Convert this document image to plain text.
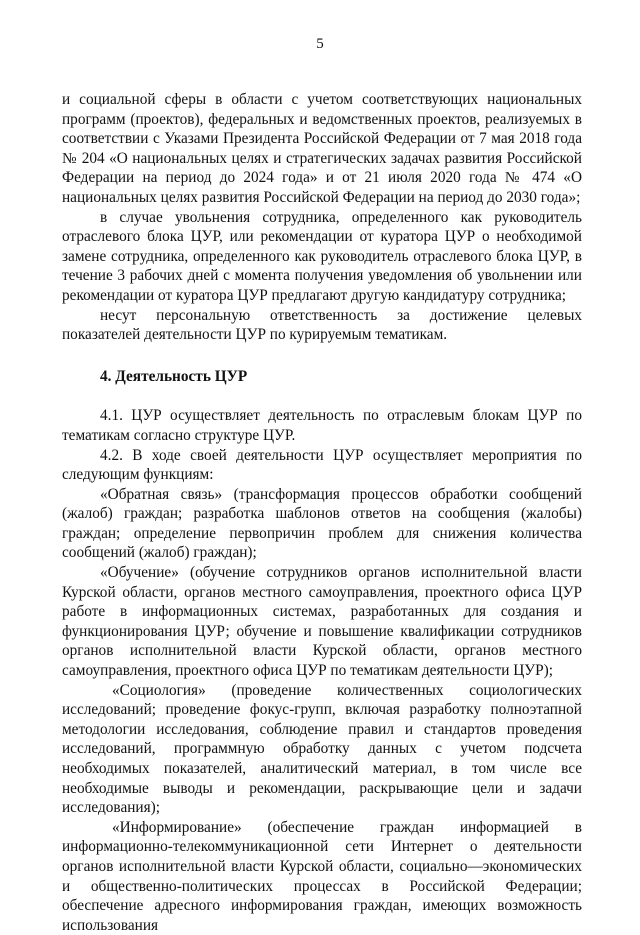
5

и социальной сферы в области с учетом соответствующих национальных программ (проектов), федеральных и ведомственных проектов, реализуемых в соответствии с Указами Президента Российской Федерации от 7 мая 2018 года № 204 «О национальных целях и стратегических задачах развития Российской Федерации на период до 2024 года» и от 21 июля 2020 года № 474 «О национальных целях развития Российской Федерации на период до 2030 года»;

в случае увольнения сотрудника, определенного как руководитель отраслевого блока ЦУР, или рекомендации от куратора ЦУР о необходимой замене сотрудника, определенного как руководитель отраслевого блока ЦУР, в течение 3 рабочих дней с момента получения уведомления об увольнении или рекомендации от куратора ЦУР предлагают другую кандидатуру сотрудника;

несут персональную ответственность за достижение целевых показателей деятельности ЦУР по курируемым тематикам.

4. Деятельность ЦУР

4.1. ЦУР осуществляет деятельность по отраслевым блокам ЦУР по тематикам согласно структуре ЦУР.

4.2. В ходе своей деятельности ЦУР осуществляет мероприятия по следующим функциям:

«Обратная связь» (трансформация процессов обработки сообщений (жалоб) граждан; разработка шаблонов ответов на сообщения (жалобы) граждан; определение первопричин проблем для снижения количества сообщений (жалоб) граждан);

«Обучение» (обучение сотрудников органов исполнительной власти Курской области, органов местного самоуправления, проектного офиса ЦУР работе в информационных системах, разработанных для создания и функционирования ЦУР; обучение и повышение квалификации сотрудников органов исполнительной власти Курской области, органов местного самоуправления, проектного офиса ЦУР по тематикам деятельности ЦУР);

«Социология» (проведение количественных социологических исследований; проведение фокус-групп, включая разработку полноэтапной методологии исследования, соблюдение правил и стандартов проведения исследований, программную обработку данных с учетом подсчета необходимых показателей, аналитический материал, в том числе все необходимые выводы и рекомендации, раскрывающие цели и задачи исследования);

«Информирование» (обеспечение граждан информацией в информационно-телекоммуникационной сети Интернет о деятельности органов исполнительной власти Курской области, социально—экономических и общественно-политических процессах в Российской Федерации; обеспечение адресного информирования граждан, имеющих возможность использования
